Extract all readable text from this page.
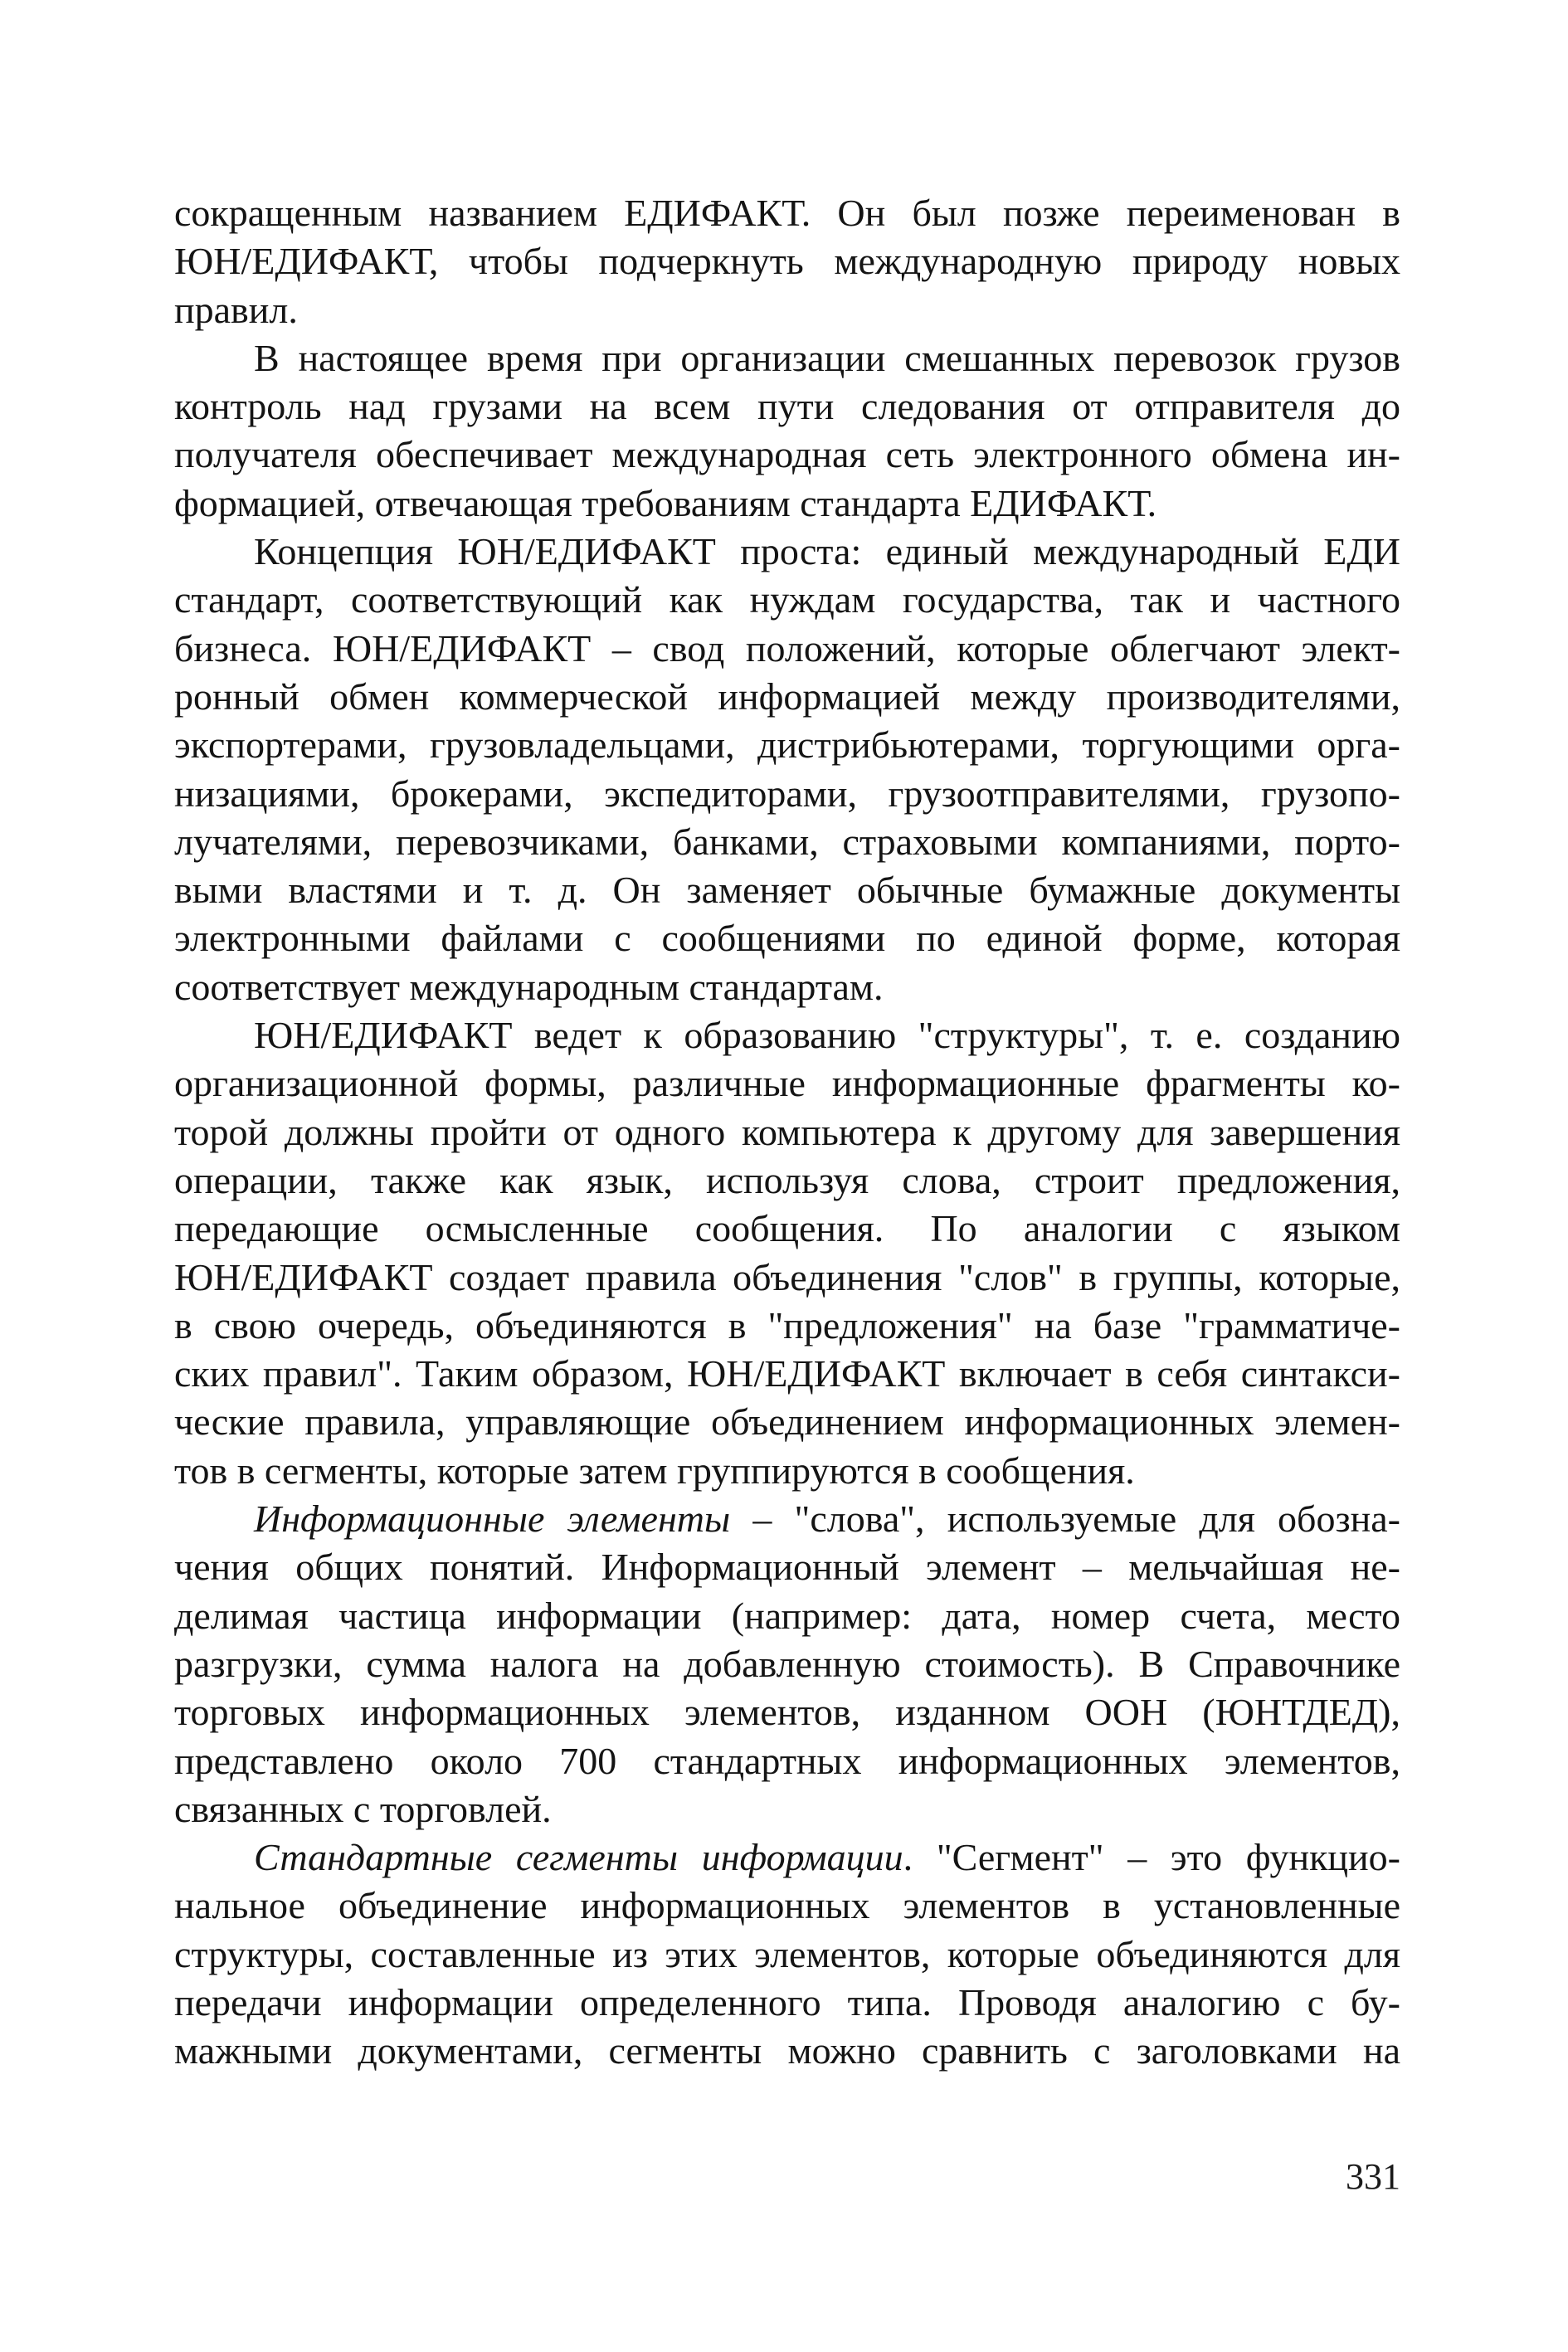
сокращенным названием ЕДИФАКТ. Он был позже переименован в
ЮН/ЕДИФАКТ, чтобы подчеркнуть международную природу новых
правил.

В настоящее время при организации смешанных перевозок грузов
контроль над грузами на всем пути следования от отправителя до
получателя обеспечивает международная сеть электронного обмена ин-
формацией, отвечающая требованиям стандарта ЕДИФАКТ.

Концепция ЮН/ЕДИФАКТ проста: единый международный ЕДИ
стандарт, соответствующий как нуждам государства, так и частного
бизнеса. ЮН/ЕДИФАКТ – свод положений, которые облегчают элект-
ронный обмен коммерческой информацией между производителями,
экспортерами, грузовладельцами, дистрибьютерами, торгующими орга-
низациями, брокерами, экспедиторами, грузоотправителями, грузопо-
лучателями, перевозчиками, банками, страховыми компаниями, порто-
выми властями и т. д. Он заменяет обычные бумажные документы
электронными файлами с сообщениями по единой форме, которая
соответствует международным стандартам.

ЮН/ЕДИФАКТ ведет к образованию "структуры", т. е. созданию
организационной формы, различные информационные фрагменты ко-
торой должны пройти от одного компьютера к другому для завершения
операции, также как язык, используя слова, строит предложения,
передающие осмысленные сообщения. По аналогии с языком
ЮН/ЕДИФАКТ создает правила объединения "слов" в группы, которые,
в свою очередь, объединяются в "предложения" на базе "грамматиче-
ских правил". Таким образом, ЮН/ЕДИФАКТ включает в себя синтакси-
ческие правила, управляющие объединением информационных элемен-
тов в сегменты, которые затем группируются в сообщения.

Информационные элементы – "слова", используемые для обозна-
чения общих понятий. Информационный элемент – мельчайшая не-
делимая частица информации (например: дата, номер счета, место
разгрузки, сумма налога на добавленную стоимость). В Справочнике
торговых информационных элементов, изданном ООН (ЮНТДЕД),
представлено около 700 стандартных информационных элементов,
связанных с торговлей.

Стандартные сегменты информации. "Сегмент" – это функцио-
нальное объединение информационных элементов в установленные
структуры, составленные из этих элементов, которые объединяются для
передачи информации определенного типа. Проводя аналогию с бу-
мажными документами, сегменты можно сравнить с заголовками на

331
